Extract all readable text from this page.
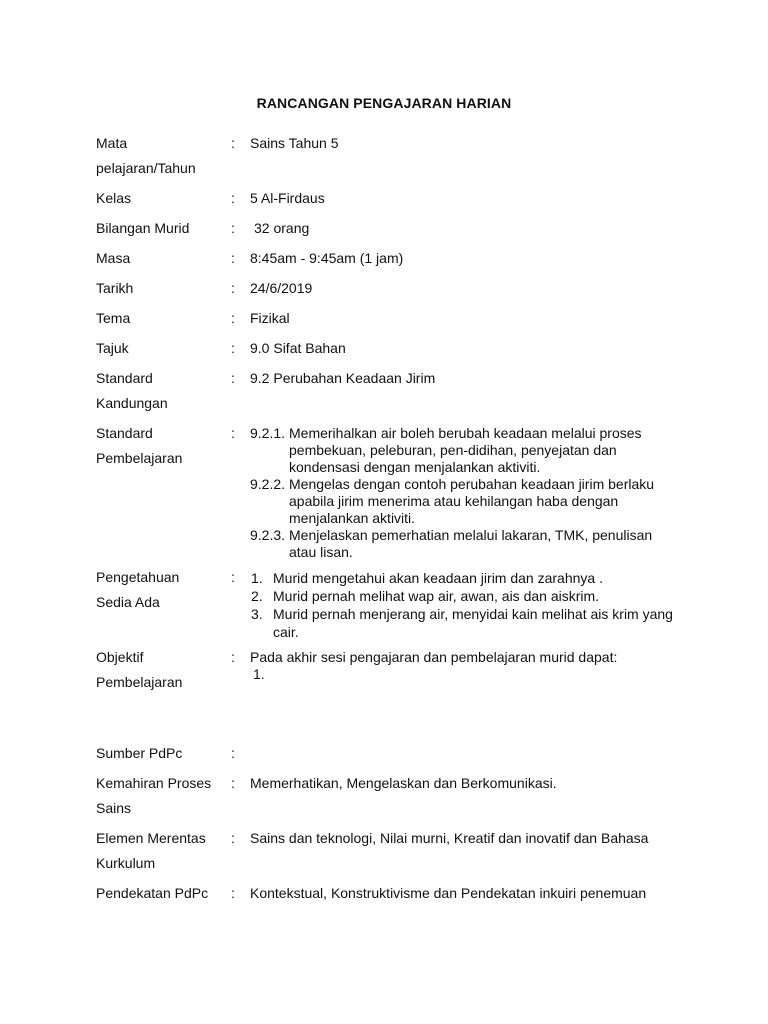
RANCANGAN PENGAJARAN HARIAN
Mata
pelajaran/Tahun
: Sains Tahun 5
Kelas	: 5 Al-Firdaus
Bilangan Murid	: 32 orang
Masa	: 8:45am - 9:45am (1 jam)
Tarikh	: 24/6/2019
Tema	: Fizikal
Tajuk	: 9.0 Sifat Bahan
Standard
Kandungan
: 9.2 Perubahan Keadaan Jirim
Standard
Pembelajaran
: 9.2.1. Memerihalkan air boleh berubah keadaan melalui proses
pembekuan, peleburan, pen-didihan, penyejatan dan
kondensasi dengan menjalankan aktiviti.
9.2.2. Mengelas dengan contoh perubahan keadaan jirim berlaku
apabila jirim menerima atau kehilangan haba dengan
menjalankan aktiviti.
9.2.3. Menjelaskan pemerhatian melalui lakaran, TMK, penulisan
atau lisan.
Pengetahuan
Sedia Ada
: 1. Murid mengetahui akan keadaan jirim dan zarahnya .
2. Murid pernah melihat wap air, awan, ais dan aiskrim.
3. Murid pernah menjerang air, menyidai kain melihat ais krim yang
cair.
Objektif
Pembelajaran
: Pada akhir sesi pengajaran dan pembelajaran murid dapat:
1.
Sumber PdPc	:
Kemahiran Proses
Sains
: Memerhatikan, Mengelaskan dan Berkomunikasi.
Elemen Merentas
Kurkulum
: Sains dan teknologi, Nilai murni, Kreatif dan inovatif dan Bahasa
Pendekatan PdPc	: Kontekstual, Konstruktivisme dan Pendekatan inkuiri penemuan
